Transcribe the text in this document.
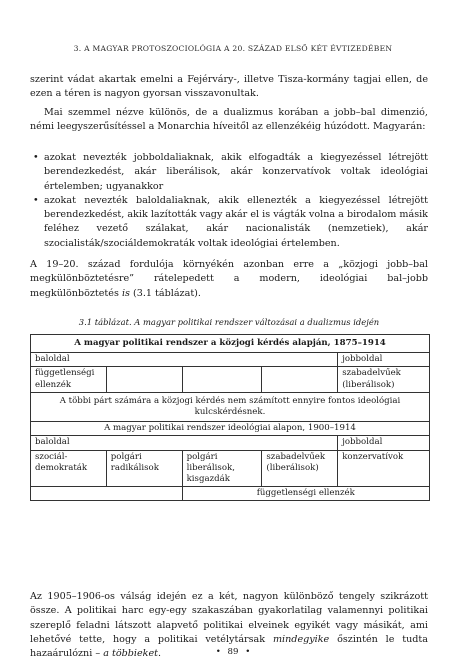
3. A MAGYAR PROTOSZOCIOLÓGIA A 20. SZÁZAD ELSŐ KÉT ÉVTIZEDÉBEN

szerint vádat akartak emelni a Fejérváry-, illetve Tisza-kormány tagjai ellen, de ezen a téren is nagyon gyorsan visszavonultak.

Mai szemmel nézve különös, de a dualizmus korában a jobb–bal dimenzió, némi leegyszerűsítéssel a Monarchia híveitől az ellenzékéig húzódott. Magyarán:

• azokat nevezték jobboldaliaknak, akik elfogadták a kiegyezéssel létrejött berendezkedést, akár liberálisok, akár konzervatívok voltak ideológiai értelemben; ugyanakkor
• azokat nevezték baloldaliaknak, akik ellenezték a kiegyezéssel létrejött berendezkedést, akik lazították vagy akár el is vágták volna a birodalom másik feléhez vezető szálakat, akár nacionalisták (nemzetiek), akár szocialisták/szociáldemokraták voltak ideológiai értelemben.

A 19–20. század fordulója környékén azonban erre a „közjogi jobb–bal megkülönböztetésre” rátelepedett a modern, ideológiai bal–jobb megkülönböztetés is (3.1 táblázat).

3.1 táblázat. A magyar politikai rendszer változásai a dualizmus idején
A magyar politikai rendszer a közjogi kérdés alapján, 1875–1914				
baloldal				jobboldal
függetlenségi ellenzék				szabadelvűek (liberálisok)
A többi párt számára a közjogi kérdés nem számított ennyire fontos ideológiai kulcskérdésnek.				
A magyar politikai rendszer ideológiai alapon, 1900–1914				
baloldal				jobboldal
szociál-demokraták	polgári radikálisok	polgári liberálisok, kisgazdák	szabadelvűek (liberálisok)	konzervatívok
		függetlenségi ellenzék		

Az 1905–1906-os válság idején ez a két, nagyon különböző tengely szikrázott össze. A politikai harc egy-egy szakaszában gyakorlatilag valamennyi politikai szereplő feladni látszott alapvető politikai elveinek egyikét vagy másikát, ami lehetővé tette, hogy a politikai vetélytársak mindegyike őszintén le tudta hazaárulózni – a többieket.	• 89 •
